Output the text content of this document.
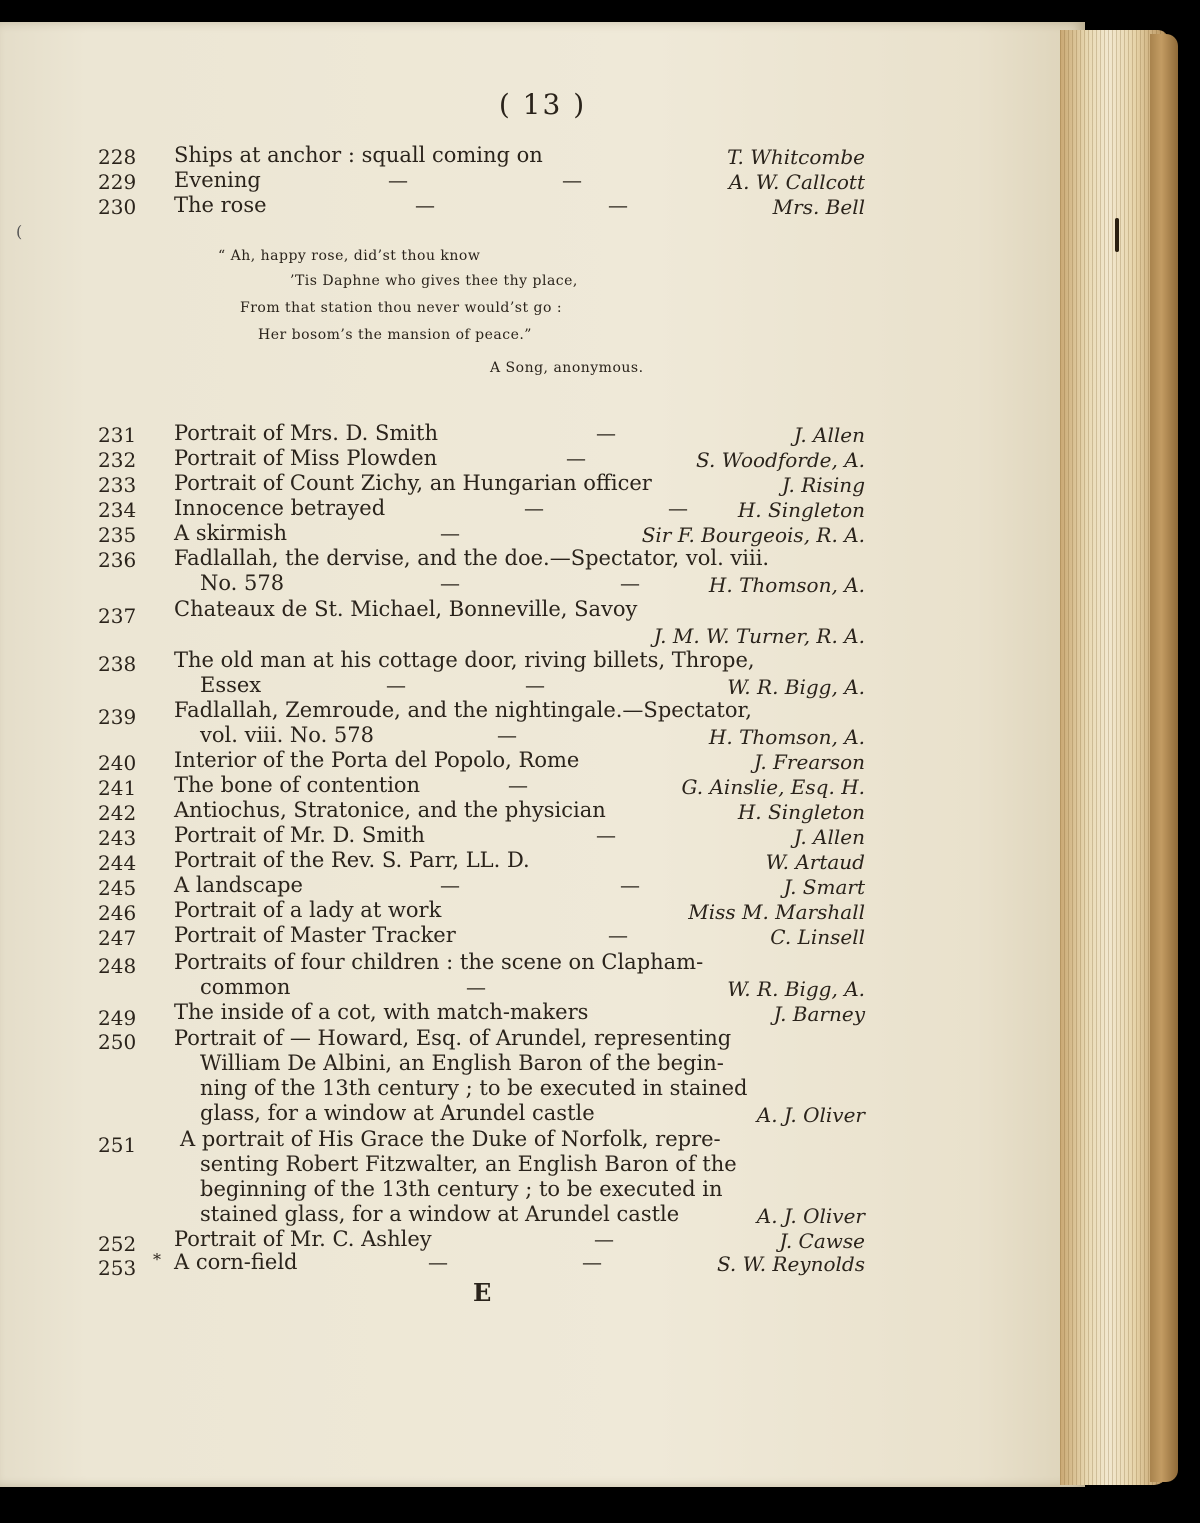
(
( 13 )
228 Ships at anchor : squall coming on	T. Whitcombe
229 Evening	—	—	A. W. Callcott
230 The rose	—	—	Mrs. Bell
“ Ah, happy rose, did’st thou know
’Tis Daphne who gives thee thy place,
From that station thou never would’st go :
Her bosom’s the mansion of peace.”
A Song, anonymous.
231 Portrait of Mrs. D. Smith	—	J. Allen
232 Portrait of Miss Plowden	—	S. Woodforde, A.
233 Portrait of Count Zichy, an Hungarian officer	J. Rising
234 Innocence betrayed	—	— H. Singleton
235 A skirmish	—	Sir F. Bourgeois, R. A.
236 Fadlallah, the dervise, and the doe.—Spectator, vol. viii.
No. 578	—	—	H. Thomson, A.
237 Chateaux de St. Michael, Bonneville, Savoy
J. M. W. Turner, R. A.
238 The old man at his cottage door, riving billets, Thrope,
Essex	—	—	W. R. Bigg, A.
239 Fadlallah, Zemroude, and the nightingale.—Spectator,
vol. viii. No. 578	—	H. Thomson, A.
240 Interior of the Porta del Popolo, Rome	J. Frearson
241 The bone of contention	—	G. Ainslie, Esq. H.
242 Antiochus, Stratonice, and the physician	H. Singleton
243 Portrait of Mr. D. Smith	—	J. Allen
244 Portrait of the Rev. S. Parr, LL. D.	W. Artaud
245 A landscape	—	—	J. Smart
246 Portrait of a lady at work	Miss M. Marshall
247 Portrait of Master Tracker	—	C. Linsell
248 Portraits of four children : the scene on Clapham-
common	—	W. R. Bigg, A.
249 The inside of a cot, with match-makers	J. Barney
250 Portrait of — Howard, Esq. of Arundel, representing
William De Albini, an English Baron of the begin-
ning of the 13th century ; to be executed in stained
glass, for a window at Arundel castle	A. J. Oliver
251 A portrait of His Grace the Duke of Norfolk, repre-
senting Robert Fitzwalter, an English Baron of the
beginning of the 13th century ; to be executed in
stained glass, for a window at Arundel castle	A. J. Oliver
252 Portrait of Mr. C. Ashley	—	J. Cawse
253 * A corn-field	—	—	S. W. Reynolds
E
